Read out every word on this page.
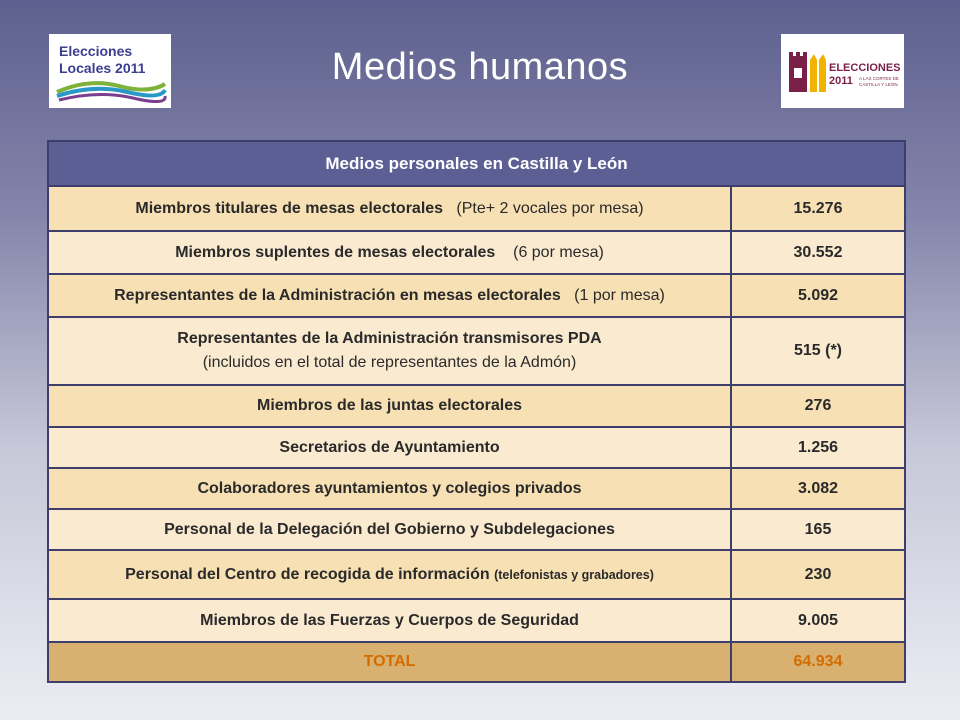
Elecciones
Locales 2011	Medios humanos	ELECCIONES
2011 A LAS CORTES DE
CASTILLA Y LEÓN
Medios personales en Castilla y León	
Miembros titulares de mesas electorales (Pte+ 2 vocales por mesa)	15.276
Miembros suplentes de mesas electorales (6 por mesa)	30.552
Representantes de la Administración en mesas electorales (1 por mesa)	5.092
Representantes de la Administración transmisores PDA
(incluidos en el total de representantes de la Admón)	515 (*)
Miembros de las juntas electorales	276
Secretarios de Ayuntamiento	1.256
Colaboradores ayuntamientos y colegios privados	3.082
Personal de la Delegación del Gobierno y Subdelegaciones	165
Personal del Centro de recogida de información (telefonistas y grabadores)	230
Miembros de las Fuerzas y Cuerpos de Seguridad	9.005
TOTAL	64.934
